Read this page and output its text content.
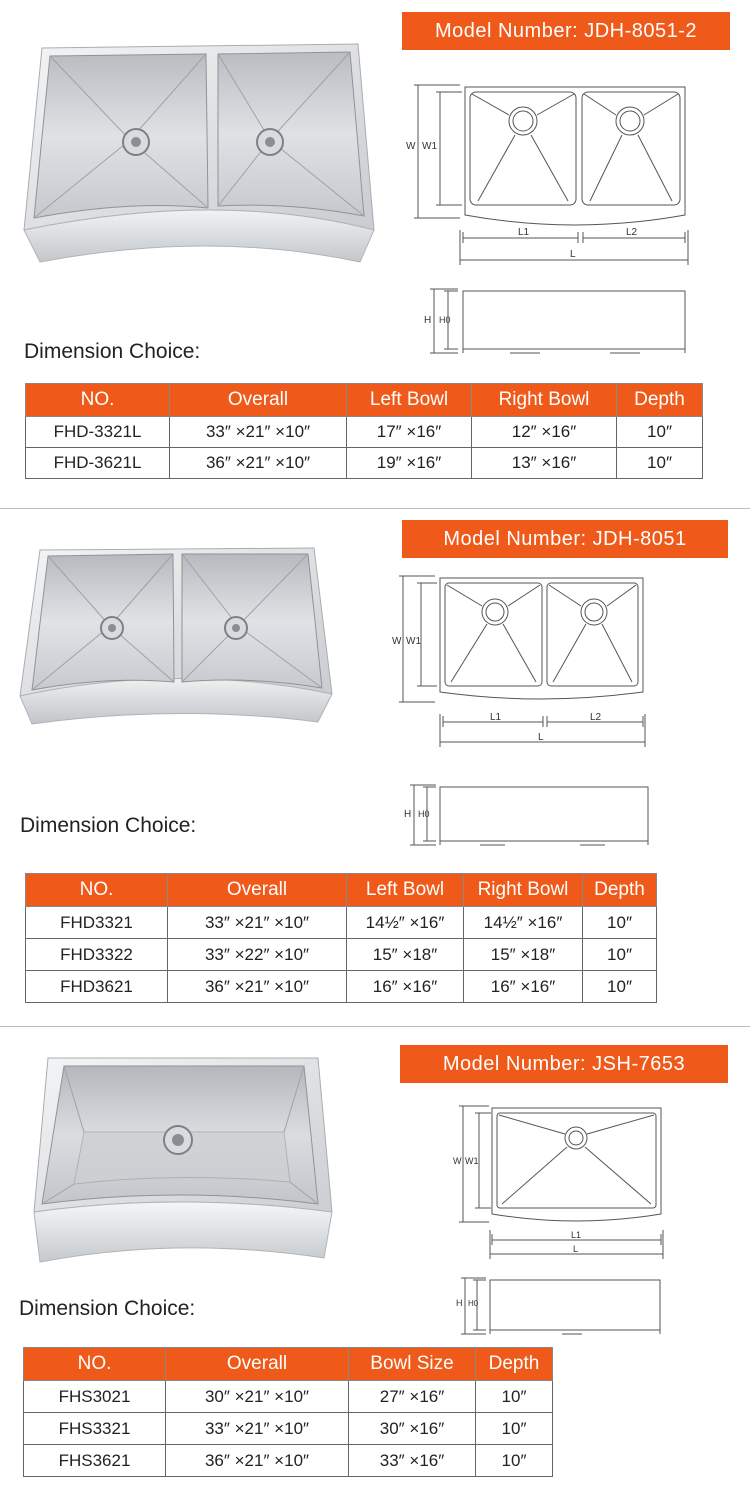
Model Number: JDH-8051-2
W W1
L1	L2
L
H H0
Dimension Choice:
NO.	Overall	Left Bowl	Right Bowl	Depth
FHD-3321L	33″ ×21″ ×10″	17″ ×16″	12″ ×16″	10″
FHD-3621L	36″ ×21″ ×10″	19″ ×16″	13″ ×16″	10″
Model Number: JDH-8051
W W1
L1	L2
L
H H0
Dimension Choice:
NO.	Overall	Left Bowl	Right Bowl	Depth
FHD3321	33″ ×21″ ×10″	14½″ ×16″	14½″ ×16″	10″
FHD3322	33″ ×22″ ×10″	15″ ×18″	15″ ×18″	10″
FHD3621	36″ ×21″ ×10″	16″ ×16″	16″ ×16″	10″
Model Number: JSH-7653
W W1
L1
L
H H0
Dimension Choice:
NO.	Overall	Bowl Size	Depth
FHS3021	30″ ×21″ ×10″	27″ ×16″	10″
FHS3321	33″ ×21″ ×10″	30″ ×16″	10″
FHS3621	36″ ×21″ ×10″	33″ ×16″	10″
